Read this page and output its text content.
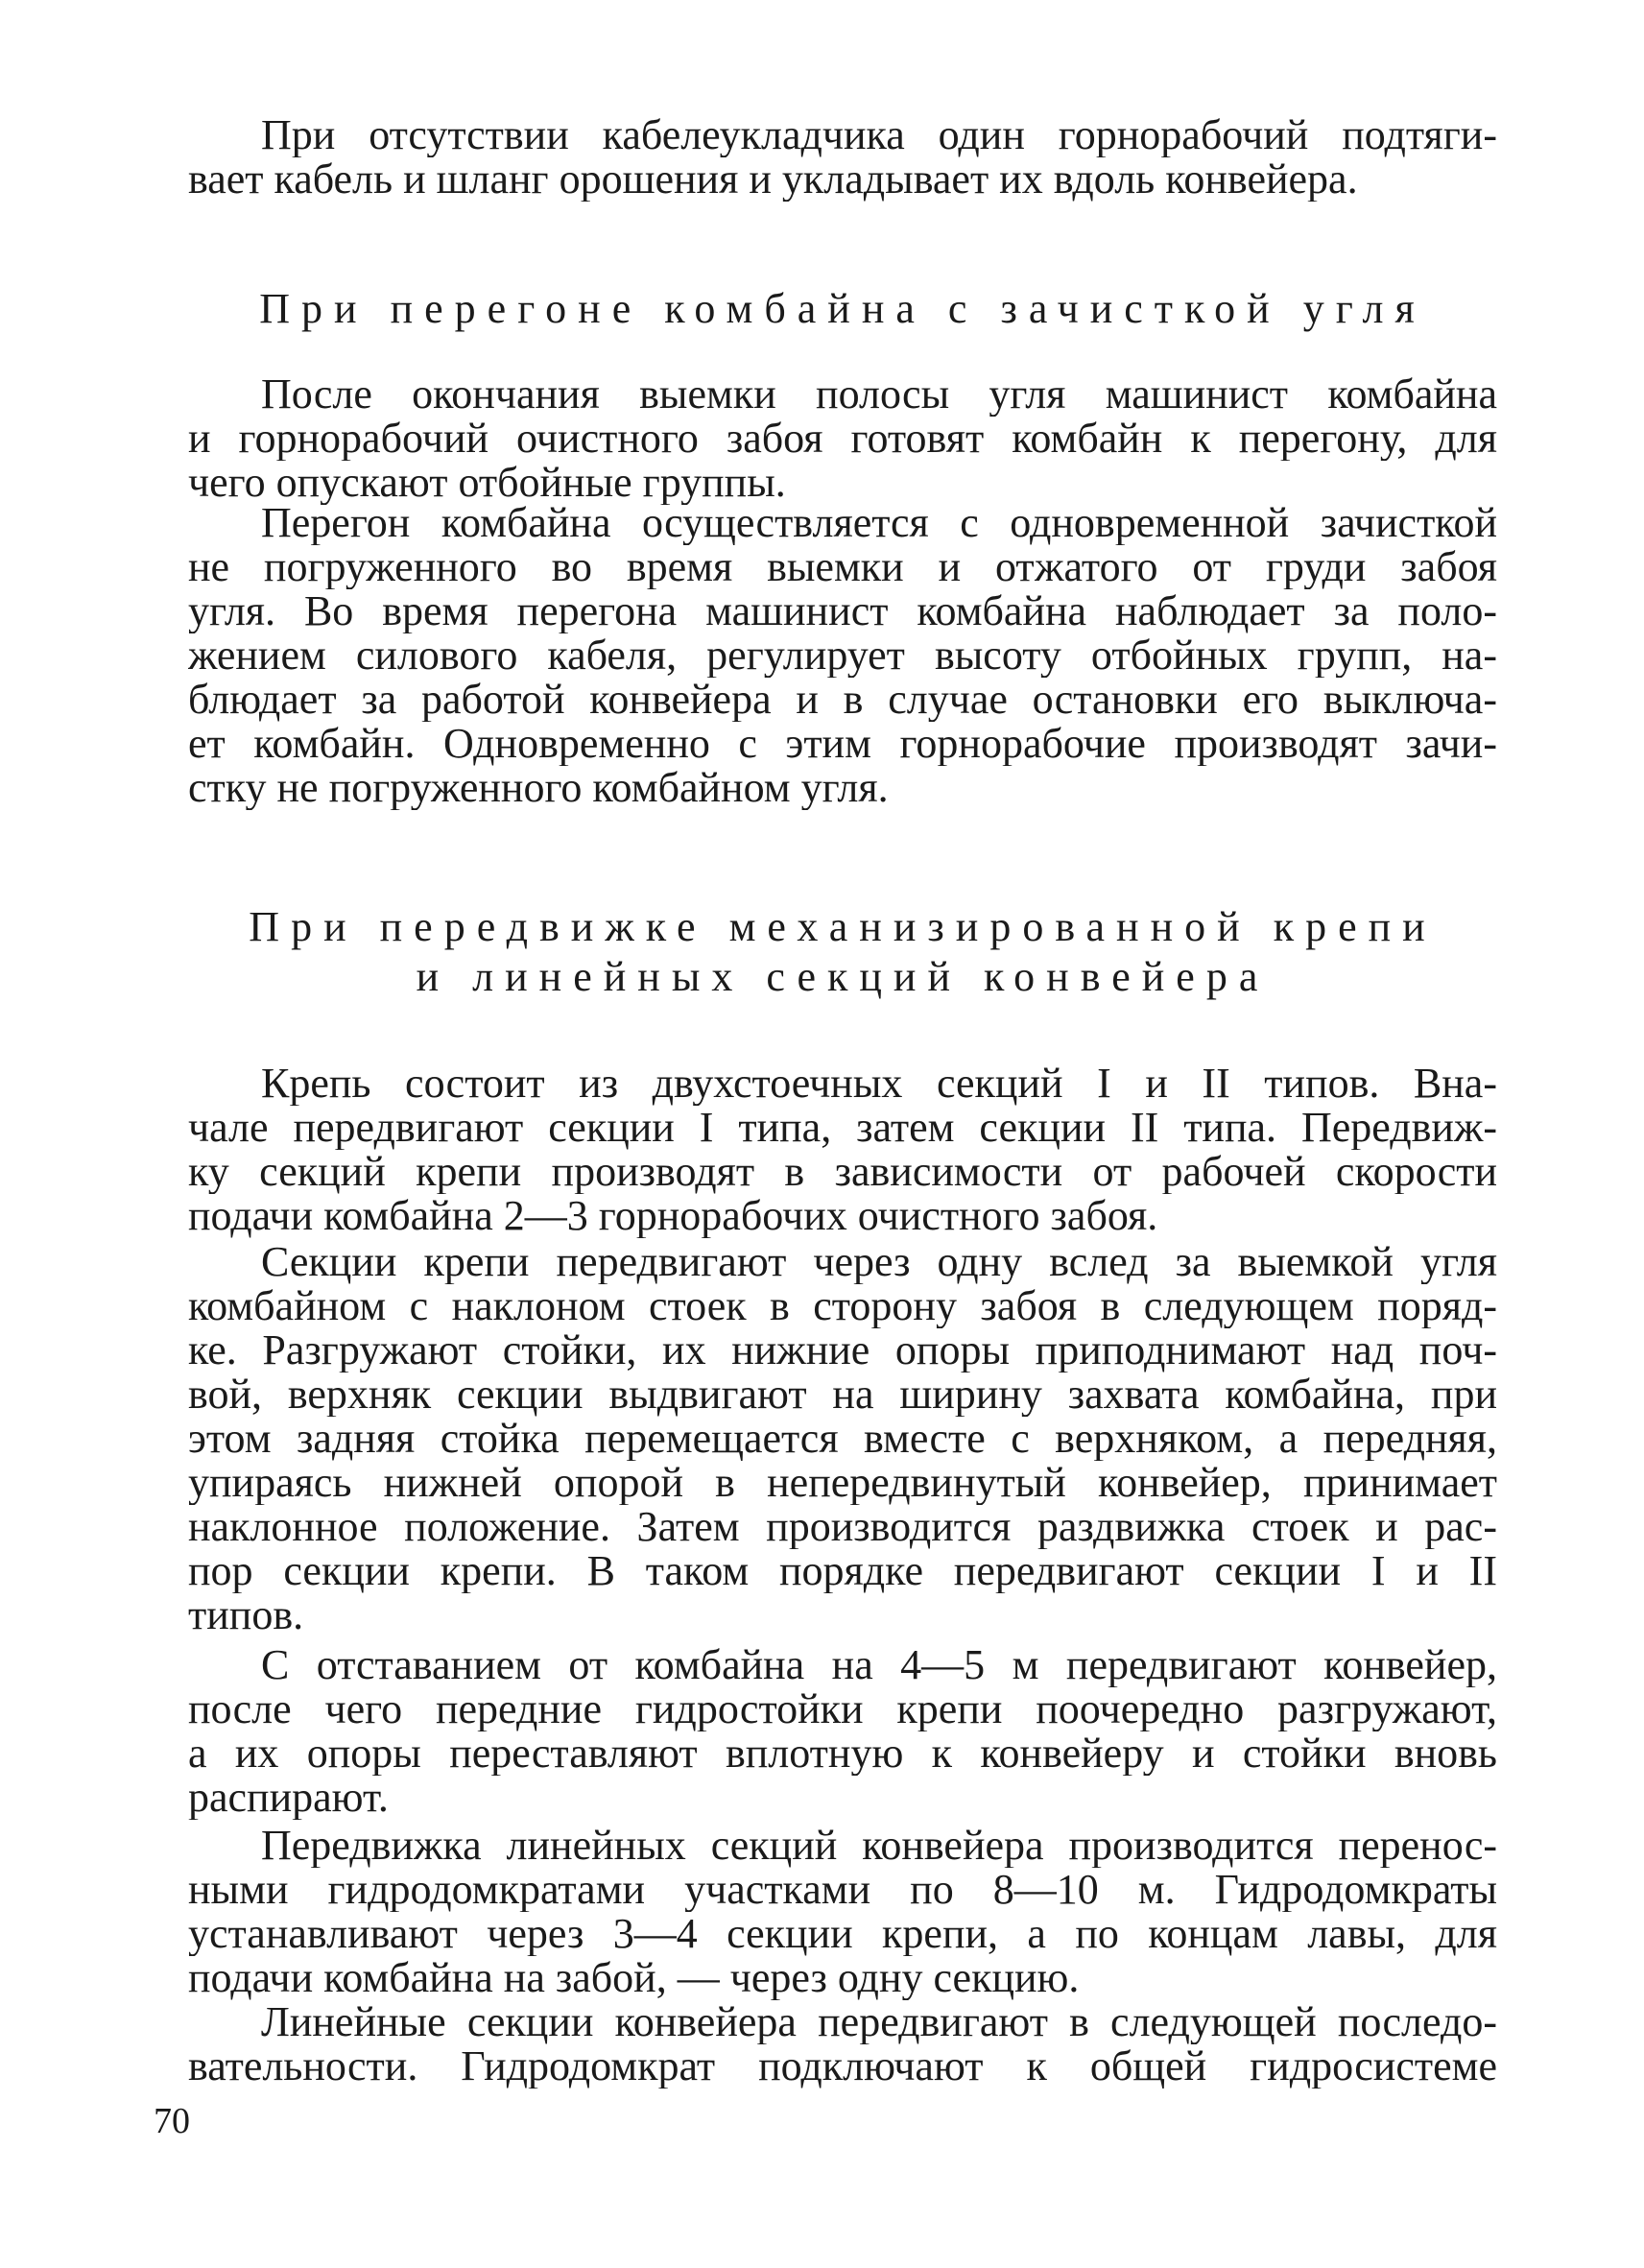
При отсутствии кабелеукладчика один горнорабочий подтяги-
вает кабель и шланг орошения и укладывает их вдоль конвейера.

При перегоне комбайна с зачисткой угля

После окончания выемки полосы угля машинист комбайна
и горнорабочий очистного забоя готовят комбайн к перегону, для
чего опускают отбойные группы.

Перегон комбайна осуществляется с одновременной зачисткой
не погруженного во время выемки и отжатого от груди забоя
угля. Во время перегона машинист комбайна наблюдает за поло-
жением силового кабеля, регулирует высоту отбойных групп, на-
блюдает за работой конвейера и в случае остановки его выключа-
ет комбайн. Одновременно с этим горнорабочие производят зачи-
стку не погруженного комбайном угля.

При передвижке механизированной крепи

и линейных секций конвейера

Крепь состоит из двухстоечных секций I и II типов. Вна-
чале передвигают секции I типа, затем секции II типа. Передвиж-
ку секций крепи производят в зависимости от рабочей скорости
подачи комбайна 2—3 горнорабочих очистного забоя.

Секции крепи передвигают через одну вслед за выемкой угля
комбайном с наклоном стоек в сторону забоя в следующем поряд-
ке. Разгружают стойки, их нижние опоры приподнимают над поч-
вой, верхняк секции выдвигают на ширину захвата комбайна, при
этом задняя стойка перемещается вместе с верхняком, а передняя,
упираясь нижней опорой в непередвинутый конвейер, принимает
наклонное положение. Затем производится раздвижка стоек и рас-
пор секции крепи. В таком порядке передвигают секции I и II
типов.

С отставанием от комбайна на 4—5 м передвигают конвейер,
после чего передние гидростойки крепи поочередно разгружают,
а их опоры переставляют вплотную к конвейеру и стойки вновь
распирают.

Передвижка линейных секций конвейера производится перенос-
ными гидродомкратами участками по 8—10 м. Гидродомкраты
устанавливают через 3—4 секции крепи, а по концам лавы, для
подачи комбайна на забой, — через одну секцию.

Линейные секции конвейера передвигают в следующей последо-
вательности. Гидродомкрат подключают к общей гидросистеме

70
